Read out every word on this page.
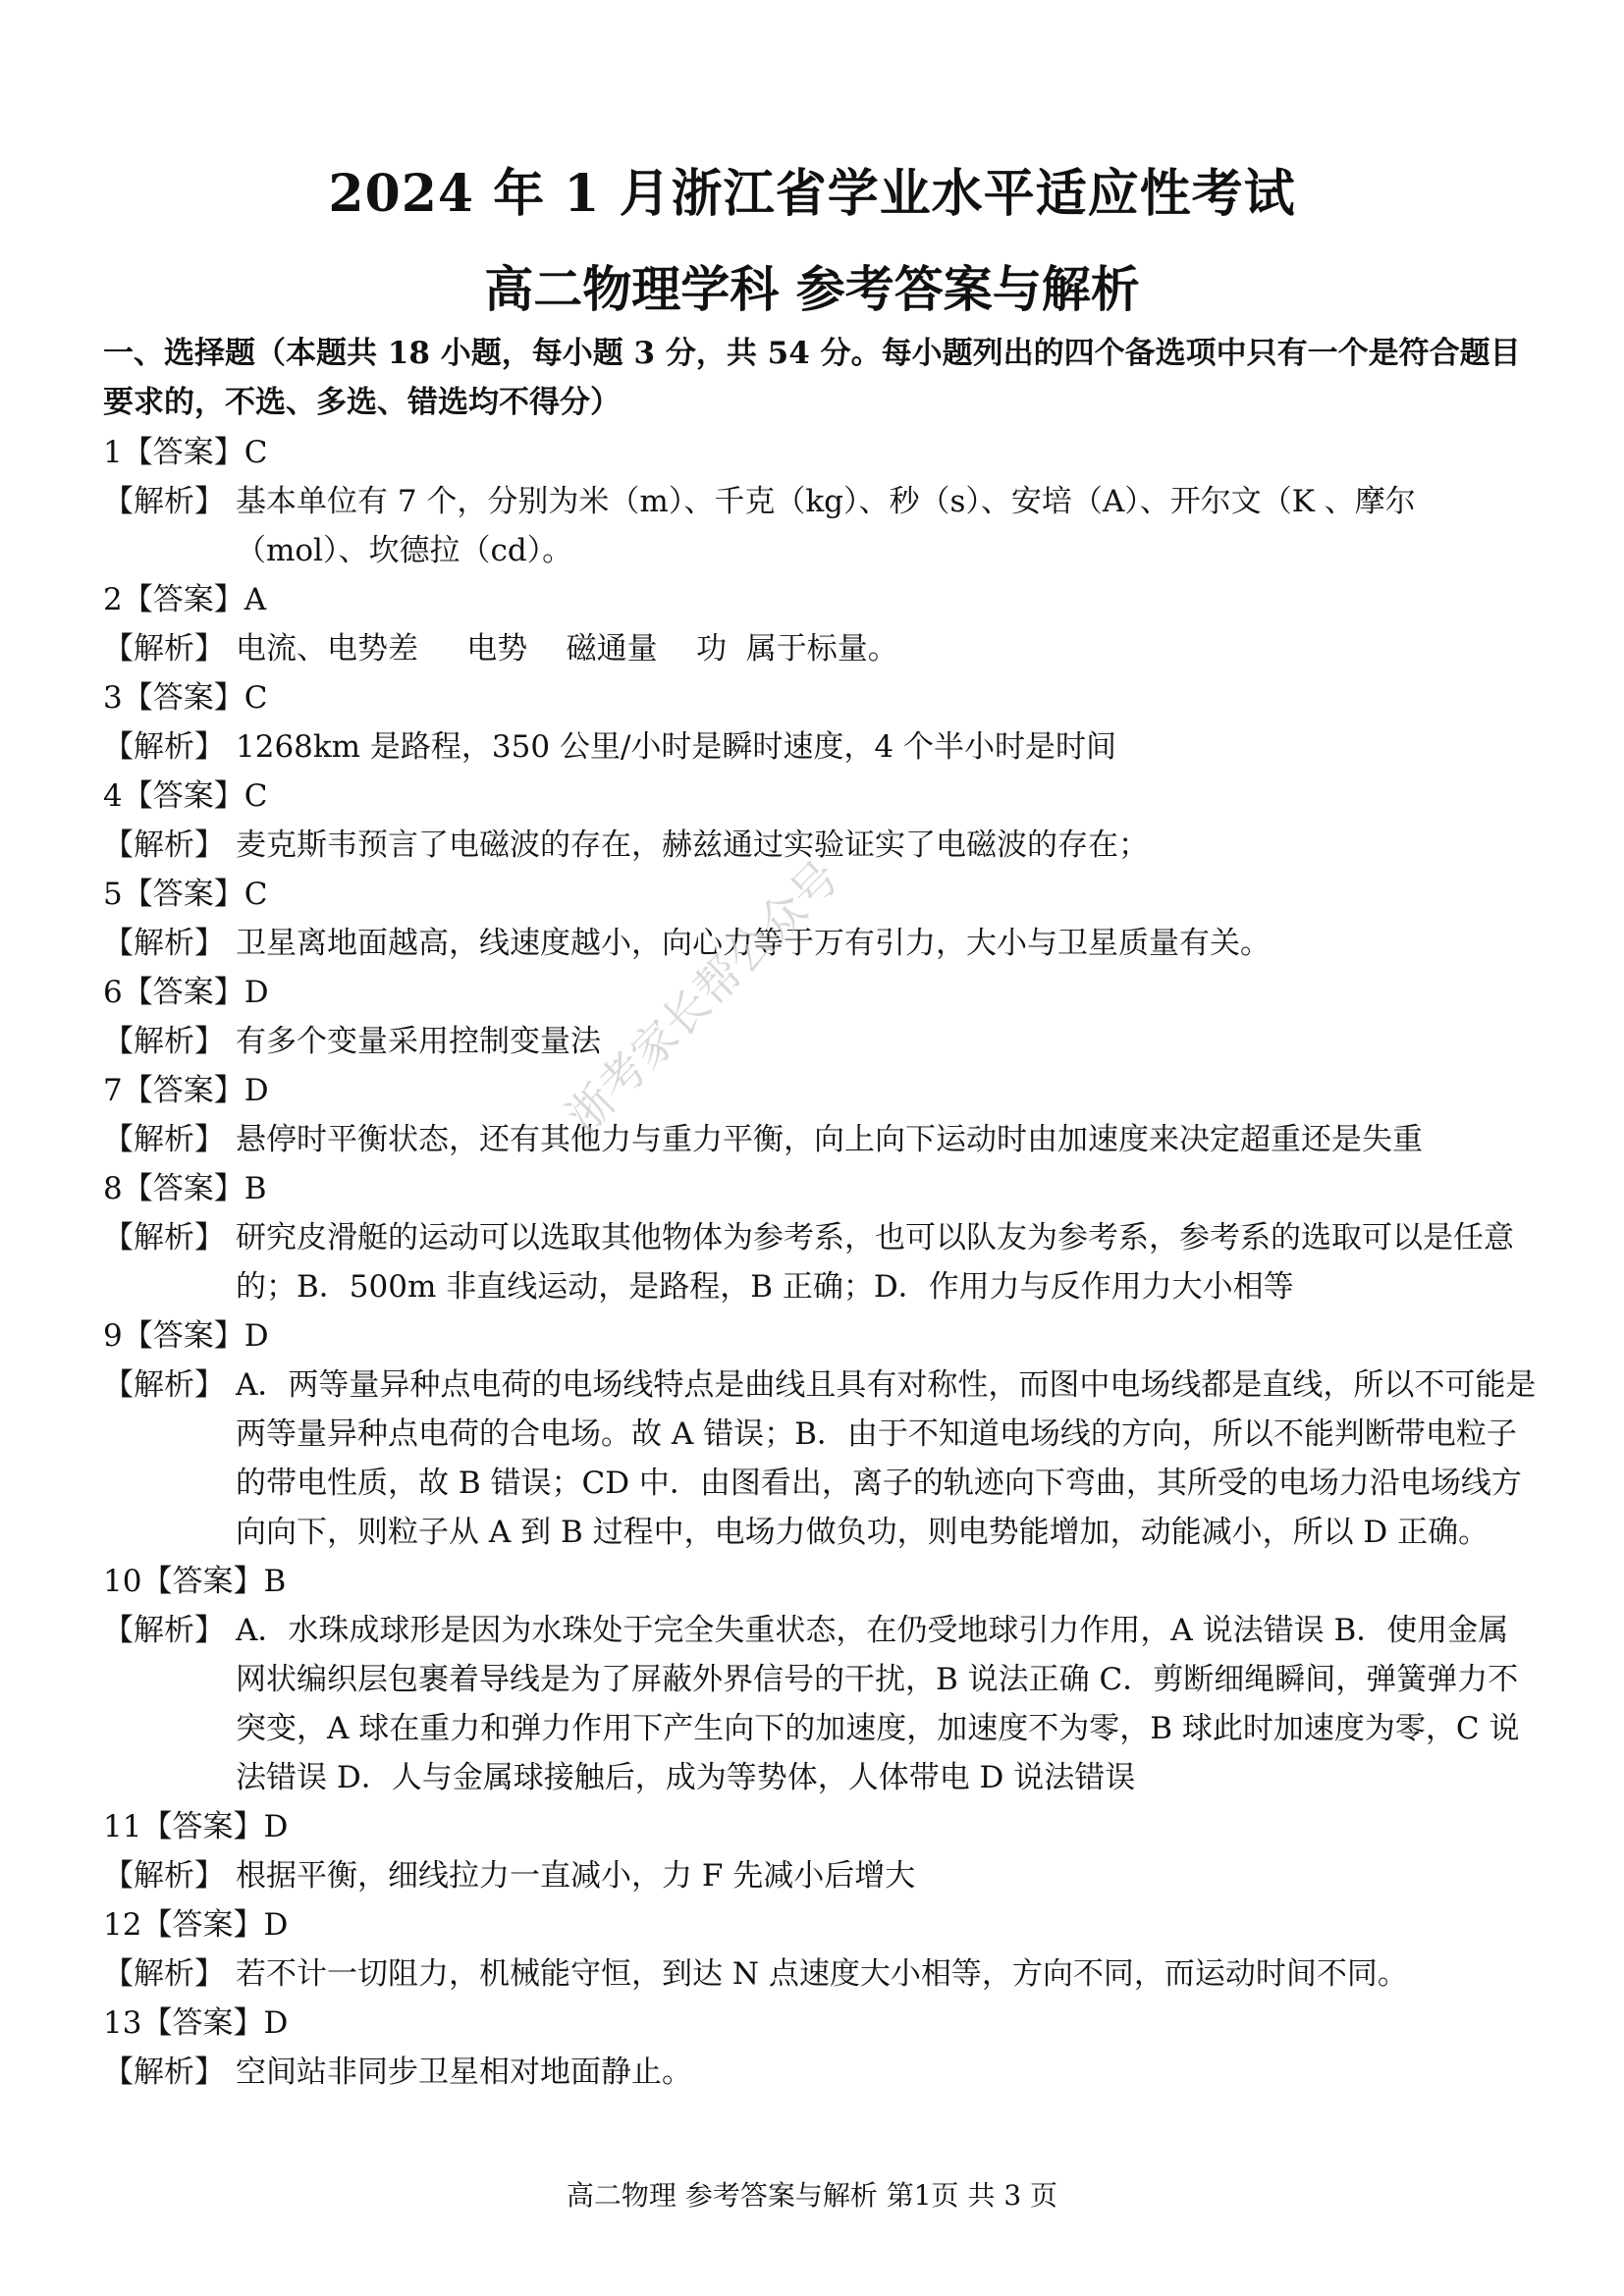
2024 年 1 月浙江省学业水平适应性考试
高二物理学科 参考答案与解析
一、选择题（本题共 18 小题，每小题 3 分，共 54 分。每小题列出的四个备选项中只有一个是符合题目要求的，不选、多选、错选均不得分）
1 【答案】 C
【解析】 基本单位有 7 个，分别为米（m）、千克（kg）、秒（s）、安培（A）、开尔文（K 、摩尔（mol）、坎德拉（cd）。
2 【答案】 A
【解析】 电流、电势差     电势    磁通量    功  属于标量。
3 【答案】 C
【解析】 1268km 是路程，350 公里/小时是瞬时速度，4 个半小时是时间
4 【答案】 C
【解析】 麦克斯韦预言了电磁波的存在，赫兹通过实验证实了电磁波的存在；
5 【答案】 C
【解析】 卫星离地面越高，线速度越小，向心力等于万有引力，大小与卫星质量有关。
6 【答案】 D
【解析】 有多个变量采用控制变量法
7 【答案】 D
【解析】 悬停时平衡状态，还有其他力与重力平衡，向上向下运动时由加速度来决定超重还是失重
8 【答案】 B
【解析】 研究皮滑艇的运动可以选取其他物体为参考系，也可以队友为参考系，参考系的选取可以是任意的；B．500m 非直线运动，是路程，B 正确；D．作用力与反作用力大小相等
9 【答案】 D
【解析】 A．两等量异种点电荷的电场线特点是曲线且具有对称性，而图中电场线都是直线，所以不可能是两等量异种点电荷的合电场。故 A 错误；B．由于不知道电场线的方向，所以不能判断带电粒子的带电性质，故 B 错误；CD 中．由图看出，离子的轨迹向下弯曲，其所受的电场力沿电场线方向向下，则粒子从 A 到 B 过程中，电场力做负功，则电势能增加，动能减小，所以 D 正确。
10 【答案】 B
【解析】 A．水珠成球形是因为水珠处于完全失重状态，在仍受地球引力作用，A 说法错误 B．使用金属网状编织层包裹着导线是为了屏蔽外界信号的干扰，B 说法正确 C．剪断细绳瞬间，弹簧弹力不突变，A 球在重力和弹力作用下产生向下的加速度，加速度不为零，B 球此时加速度为零，C 说法错误 D．人与金属球接触后，成为等势体，人体带电 D 说法错误
11 【答案】 D
【解析】 根据平衡，细线拉力一直减小，力 F 先减小后增大
12 【答案】 D
【解析】 若不计一切阻力，机械能守恒，到达 N 点速度大小相等，方向不同，而运动时间不同。
13 【答案】 D
【解析】 空间站非同步卫星相对地面静止。
浙考家长帮公众号
高二物理 参考答案与解析 第1页 共 3 页
